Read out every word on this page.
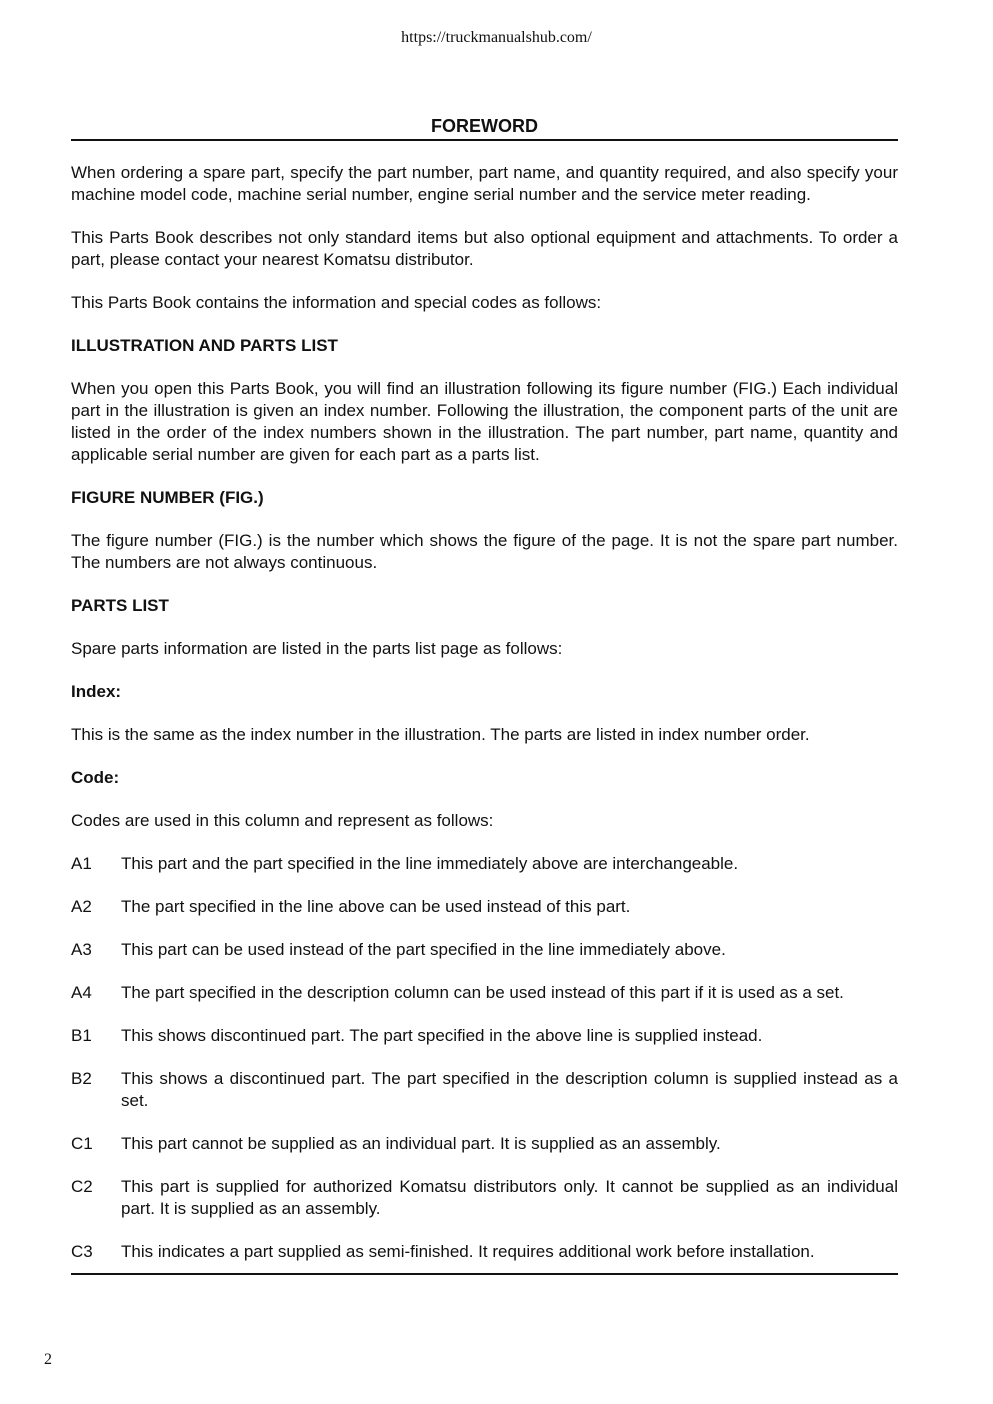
https://truckmanualshub.com/
FOREWORD

When ordering a spare part, specify the part number, part name, and quantity required, and also specify your machine model code, machine serial number, engine serial number and the service meter reading.

This Parts Book describes not only standard items but also optional equipment and attachments. To order a part, please contact your nearest Komatsu distributor.

This Parts Book contains the information and special codes as follows:

ILLUSTRATION AND PARTS LIST

When you open this Parts Book, you will find an illustration following its figure number (FIG.) Each individual part in the illustration is given an index number. Following the illustration, the component parts of the unit are listed in the order of the index numbers shown in the illustration. The part number, part name, quantity and applicable serial number are given for each part as a parts list.

FIGURE NUMBER (FIG.)

The figure number (FIG.) is the number which shows the figure of the page. It is not the spare part number. The numbers are not always continuous.

PARTS LIST

Spare parts information are listed in the parts list page as follows:

Index:

This is the same as the index number in the illustration. The parts are listed in index number order.

Code:

Codes are used in this column and represent as follows:

A1	This part and the part specified in the line immediately above are interchangeable.
A2	The part specified in the line above can be used instead of this part.
A3	This part can be used instead of the part specified in the line immediately above.
A4	The part specified in the description column can be used instead of this part if it is used as a set.
B1	This shows discontinued part. The part specified in the above line is supplied instead.
B2	This shows a discontinued part. The part specified in the description column is supplied instead as a set.
C1	This part cannot be supplied as an individual part. It is supplied as an assembly.
C2	This part is supplied for authorized Komatsu distributors only. It cannot be supplied as an individual part. It is supplied as an assembly.
C3	This indicates a part supplied as semi-finished. It requires additional work before installation.
2
